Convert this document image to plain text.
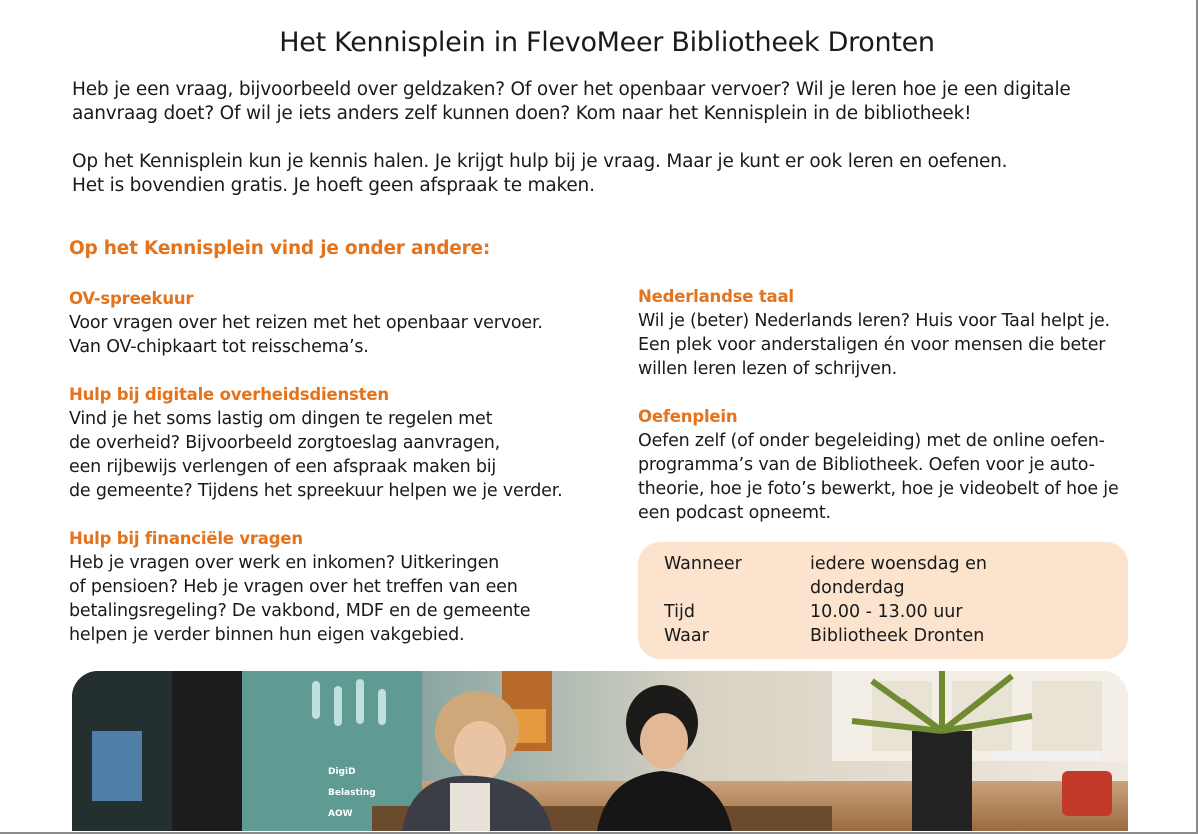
Het Kennisplein in FlevoMeer Bibliotheek Dronten

Heb je een vraag, bijvoorbeeld over geldzaken? Of over het openbaar vervoer? Wil je leren hoe je een digitale aanvraag doet? Of wil je iets anders zelf kunnen doen? Kom naar het Kennisplein in de bibliotheek!

Op het Kennisplein kun je kennis halen. Je krijgt hulp bij je vraag. Maar je kunt er ook leren en oefenen.
Het is bovendien gratis. Je hoeft geen afspraak te maken.

Op het Kennisplein vind je onder andere:
OV-spreekuur
Voor vragen over het reizen met het openbaar vervoer.
Van OV-chipkaart tot reisschema’s.
Hulp bij digitale overheidsdiensten
Vind je het soms lastig om dingen te regelen met
de overheid? Bijvoorbeeld zorgtoeslag aanvragen,
een rijbewijs verlengen of een afspraak maken bij
de gemeente? Tijdens het spreekuur helpen we je verder.
Hulp bij financiële vragen
Heb je vragen over werk en inkomen? Uitkeringen
of pensioen? Heb je vragen over het treffen van een
betalingsregeling? De vakbond, MDF en de gemeente
helpen je verder binnen hun eigen vakgebied.
Nederlandse taal
Wil je (beter) Nederlands leren? Huis voor Taal helpt je.
Een plek voor anderstaligen én voor mensen die beter
willen leren lezen of schrijven.
Oefenplein
Oefen zelf (of onder begeleiding) met de online oefen-
programma’s van de Bibliotheek. Oefen voor je auto-
theorie, hoe je foto’s bewerkt, hoe je videobelt of hoe je
een podcast opneemt.
Wanneer	iedere woensdag en
donderdag
Tijd	10.00 - 13.00 uur
Waar	Bibliotheek Dronten
DigiD
Belasting
AOW
